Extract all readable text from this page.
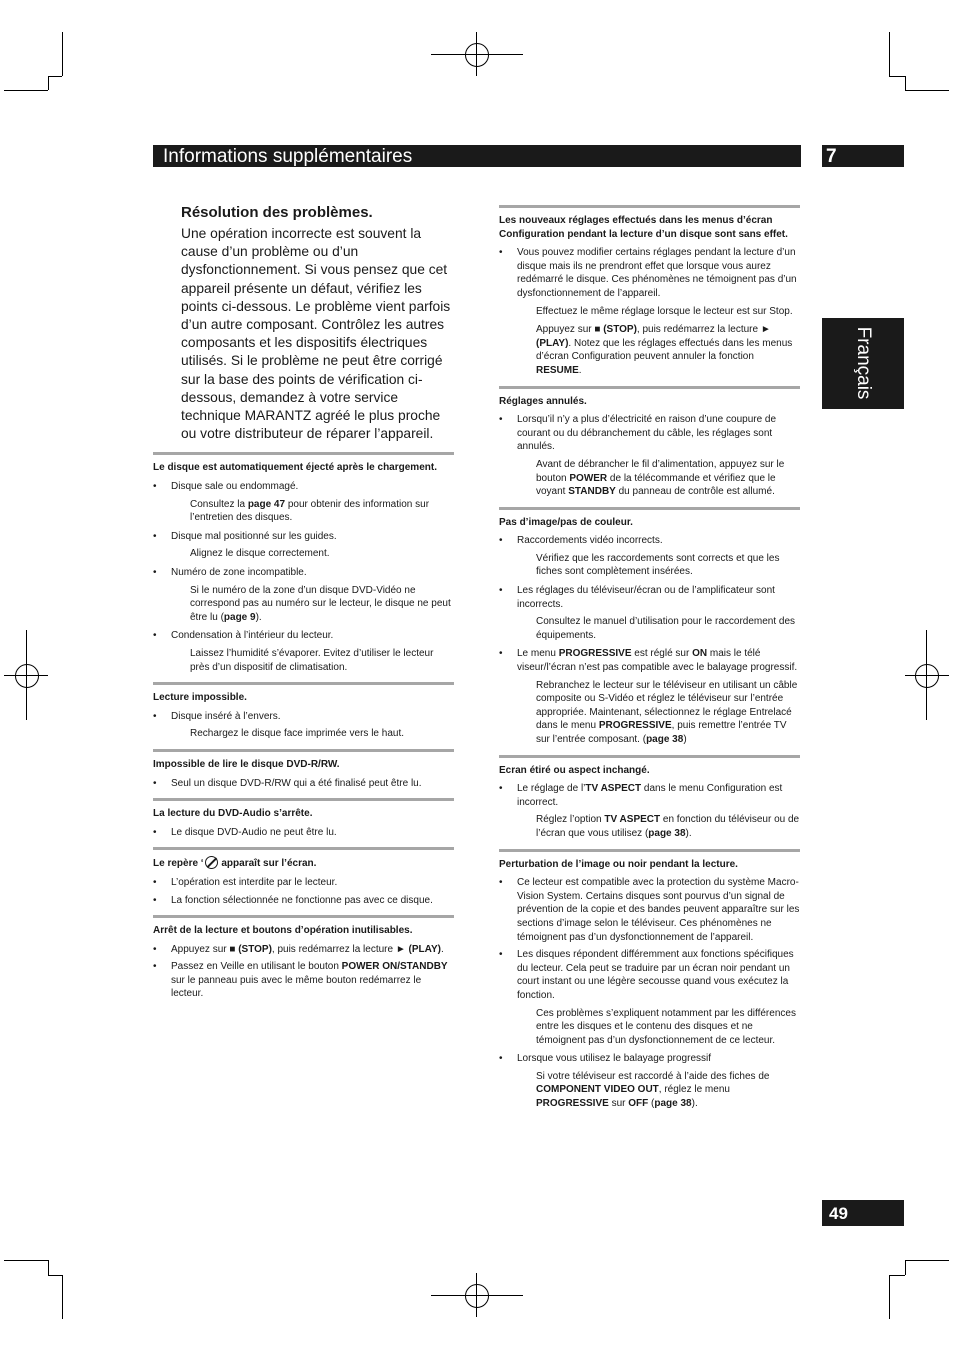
Informations supplémentaires	7
Français
49
Résolution des problèmes.
Une opération incorrecte est souvent la cause d’un problème ou d’un dysfonctionnement. Si vous pensez que cet appareil présente un défaut, vérifiez les points ci-dessous. Le problème vient parfois d’un autre composant. Contrôlez les autres composants et les dispositifs électriques utilisés. Si le problème ne peut être corrigé sur la base des points de vérification ci-dessous, demandez à votre service technique MARANTZ agréé le plus proche ou votre distributeur de réparer l’appareil.
Le disque est automatiquement éjecté après le chargement.
• Disque sale ou endommagé.
Consultez la page 47 pour obtenir des information sur l’entretien des disques.
• Disque mal positionné sur les guides.
Alignez le disque correctement.
• Numéro de zone incompatible.
Si le numéro de la zone d’un disque DVD-Vidéo ne correspond pas au numéro sur le lecteur, le disque ne peut être lu (page 9).
• Condensation à l’intérieur du lecteur.
Laissez l’humidité s’évaporer. Evitez d’utiliser le lecteur près d’un dispositif de climatisation.
Lecture impossible.
• Disque inséré à l’envers.
Rechargez le disque face imprimée vers le haut.
Impossible de lire le disque DVD-R/RW.
• Seul un disque DVD-R/RW qui a été finalisé peut être lu.
La lecture du DVD-Audio s’arrête.
• Le disque DVD-Audio ne peut être lu.
Le repère ‘ apparaît sur l’écran.
• L’opération est interdite par le lecteur.
• La fonction sélectionnée ne fonctionne pas avec ce disque.
Arrêt de la lecture et boutons d’opération inutilisables.
• Appuyez sur ■ (STOP), puis redémarrez la lecture ► (PLAY).
• Passez en Veille en utilisant le bouton POWER ON/STANDBY sur le panneau puis avec le même bouton redémarrez le lecteur.
Les nouveaux réglages effectués dans les menus d’écran Configuration pendant la lecture d’un disque sont sans effet.
• Vous pouvez modifier certains réglages pendant la lecture d’un disque mais ils ne prendront effet que lorsque vous aurez redémarré le disque. Ces phénomènes ne témoignent pas d’un dysfonctionnement de l’appareil.
Effectuez le même réglage lorsque le lecteur est sur Stop.
Appuyez sur ■ (STOP), puis redémarrez la lecture ► (PLAY). Notez que les réglages effectués dans les menus d’écran Configuration peuvent annuler la fonction RESUME.
Réglages annulés.
• Lorsqu’il n’y a plus d’électricité en raison d’une coupure de courant ou du débranchement du câble, les réglages sont annulés.
Avant de débrancher le fil d’alimentation, appuyez sur le bouton POWER de la télécommande et vérifiez que le voyant STANDBY du panneau de contrôle est allumé.
Pas d’image/pas de couleur.
• Raccordements vidéo incorrects.
Vérifiez que les raccordements sont corrects et que les fiches sont complètement insérées.
• Les réglages du téléviseur/écran ou de l’amplificateur sont incorrects.
Consultez le manuel d’utilisation pour le raccordement des équipements.
• Le menu PROGRESSIVE est réglé sur ON mais le télé viseur/l’écran n’est pas compatible avec le balayage progressif.
Rebranchez le lecteur sur le téléviseur en utilisant un câble composite ou S-Vidéo et réglez le téléviseur sur l’entrée appropriée. Maintenant, sélectionnez le réglage Entrelacé dans le menu PROGRESSIVE, puis remettre l’entrée TV sur l’entrée composant. (page 38)
Ecran étiré ou aspect inchangé.
• Le réglage de l’TV ASPECT dans le menu Configuration est incorrect.
Réglez l’option TV ASPECT en fonction du téléviseur ou de l’écran que vous utilisez (page 38).
Perturbation de l’image ou noir pendant la lecture.
• Ce lecteur est compatible avec la protection du système Macro-Vision System. Certains disques sont pourvus d’un signal de prévention de la copie et des bandes peuvent apparaître sur les sections d’image selon le téléviseur. Ces phénomènes ne témoignent pas d’un dysfonctionnement de l’appareil.
• Les disques répondent différemment aux fonctions spécifiques du lecteur. Cela peut se traduire par un écran noir pendant un court instant ou une légère secousse quand vous exécutez la fonction.
Ces problèmes s’expliquent notamment par les différences entre les disques et le contenu des disques et ne témoignent pas d’un dysfonctionnement de ce lecteur.
• Lorsque vous utilisez le balayage progressif
Si votre téléviseur est raccordé à l’aide des fiches de COMPONENT VIDEO OUT, réglez le menu PROGRESSIVE sur OFF (page 38).
